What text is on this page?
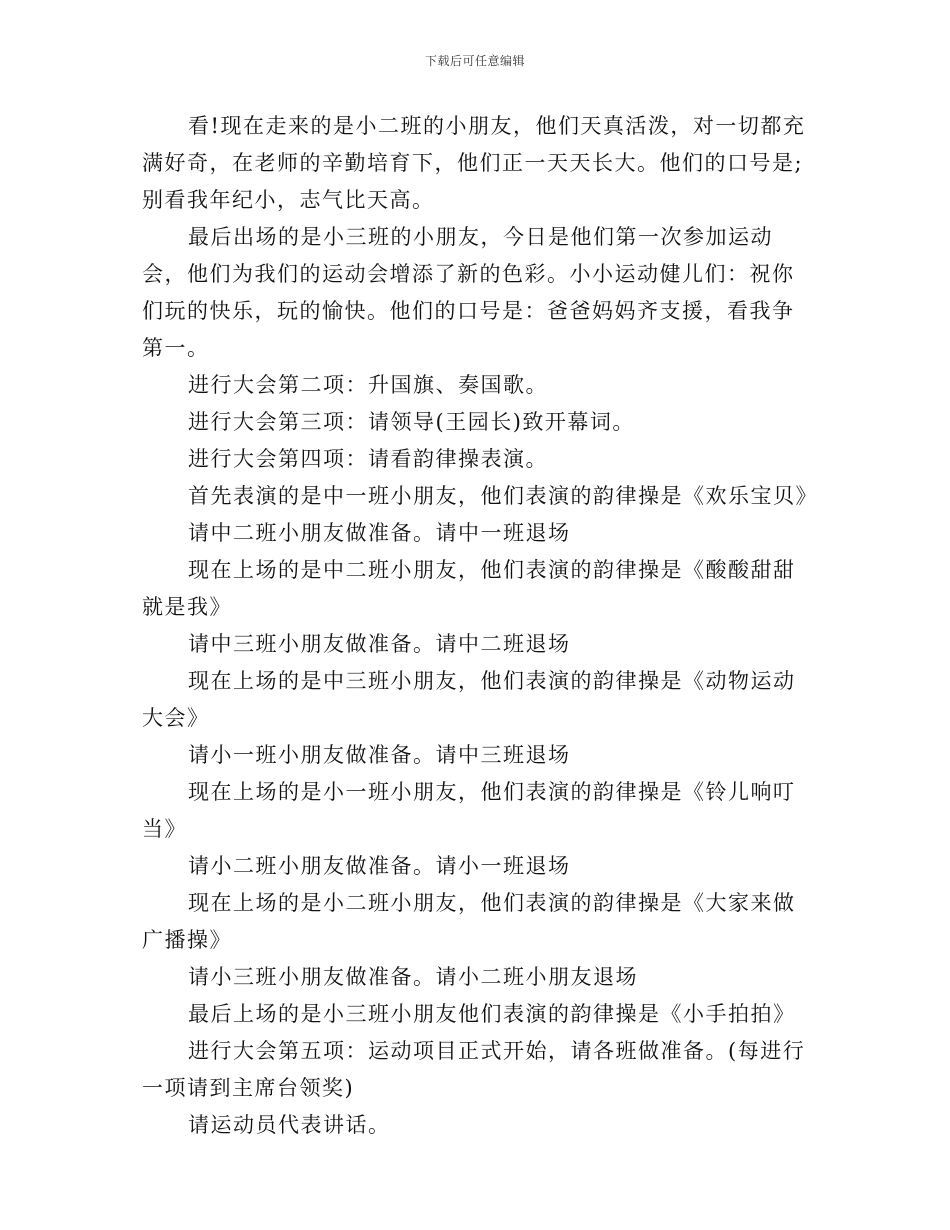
下载后可任意编辑

看!现在走来的是小二班的小朋友，他们天真活泼，对一切都充满好奇，在老师的辛勤培育下，他们正一天天长大。他们的口号是;别看我年纪小，志气比天高。

最后出场的是小三班的小朋友，今日是他们第一次参加运动会，他们为我们的运动会增添了新的色彩。小小运动健儿们：祝你们玩的快乐，玩的愉快。他们的口号是：爸爸妈妈齐支援，看我争第一。

进行大会第二项：升国旗、奏国歌。

进行大会第三项：请领导(王园长)致开幕词。

进行大会第四项：请看韵律操表演。

首先表演的是中一班小朋友，他们表演的韵律操是《欢乐宝贝》

请中二班小朋友做准备。请中一班退场

现在上场的是中二班小朋友，他们表演的韵律操是《酸酸甜甜就是我》

请中三班小朋友做准备。请中二班退场

现在上场的是中三班小朋友，他们表演的韵律操是《动物运动大会》

请小一班小朋友做准备。请中三班退场

现在上场的是小一班小朋友，他们表演的韵律操是《铃儿响叮当》

请小二班小朋友做准备。请小一班退场

现在上场的是小二班小朋友，他们表演的韵律操是《大家来做广播操》

请小三班小朋友做准备。请小二班小朋友退场

最后上场的是小三班小朋友他们表演的韵律操是《小手拍拍》

进行大会第五项：运动项目正式开始，请各班做准备。(每进行一项请到主席台领奖)

请运动员代表讲话。
